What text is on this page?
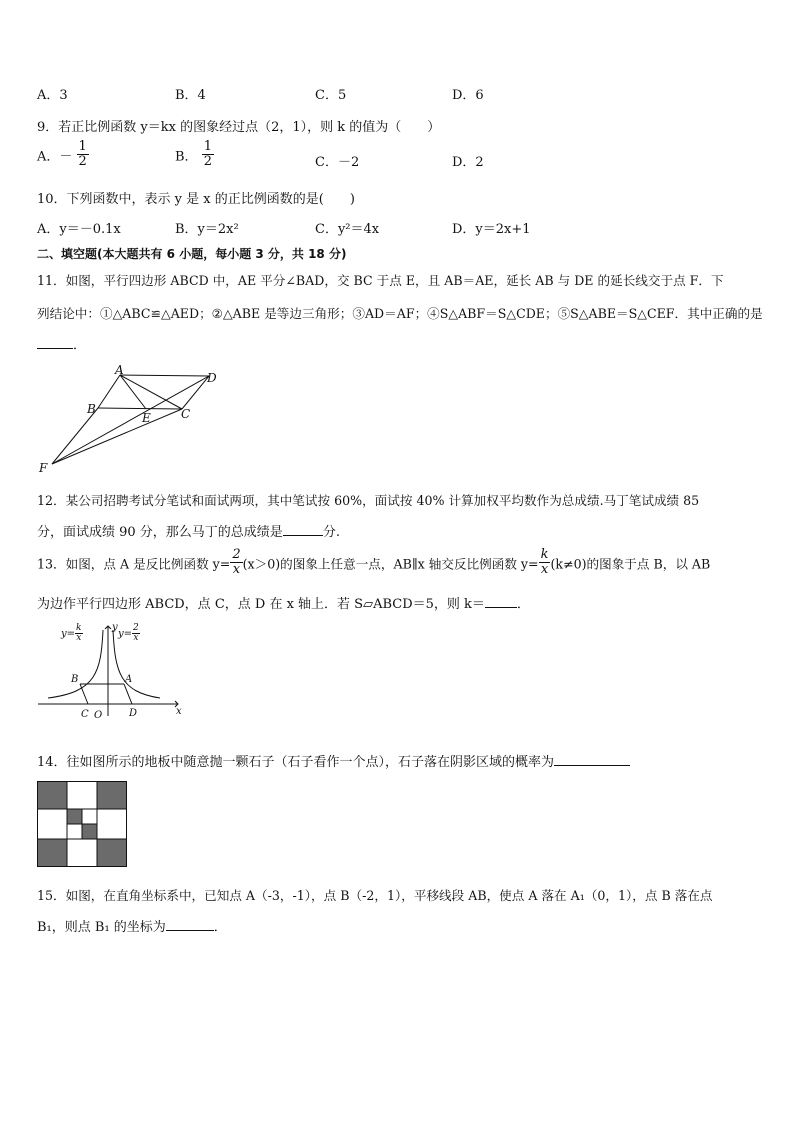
A．3	B．4	C．5	D．6
9．若正比例函数 y＝kx 的图象经过点（2，1），则 k 的值为（　　）
A．－ $\frac{1}{2}$	B． $\frac{1}{2}$	C．－2	D．2
10．下列函数中，表示 y 是 x 的正比例函数的是(　　)
A．y＝－0.1x	B．y＝2x²	C．y²＝4x	D．y＝2x+1
二、填空题(本大题共有 6 小题，每小题 3 分，共 18 分)
11．如图，平行四边形 ABCD 中，AE 平分∠BAD，交 BC 于点 E，且 AB＝AE，延长 AB 与 DE 的延长线交于点 F．下
列结论中：①△ABC≌△AED；②△ABE 是等边三角形；③AD＝AF；④S△ABF＝S△CDE；⑤S△ABE＝S△CEF．其中正确的是
．
A
D
B
E	C
F
12．某公司招聘考试分笔试和面试两项，其中笔试按 60%，面试按 40% 计算加权平均数作为总成绩.马丁笔试成绩 85
分，面试成绩 90 分，那么马丁的总成绩是	分.
13．如图，点 A 是反比例函数 $y= \frac{2}{x} (x>0)$的图象上任意一点，AB∥x 轴交反比例函数 $y= \frac{k}{x} (k\ne 0)$的图象于点 B，以 AB
为边作平行四边形 ABCD，点 C，点 D 在 x 轴上．若 S▱ABCD＝5，则 k＝ ．
y
x
B	A
C O	D
$y= \frac{k}{x}$	$y= \frac{2}{x}$
14．往如图所示的地板中随意抛一颗石子（石子看作一个点），石子落在阴影区域的概率为
15．如图，在直角坐标系中，已知点 A（-3，-1），点 B（-2，1），平移线段 AB，使点 A 落在 A₁（0，1），点 B 落在点
B₁，则点 B₁ 的坐标为	．
